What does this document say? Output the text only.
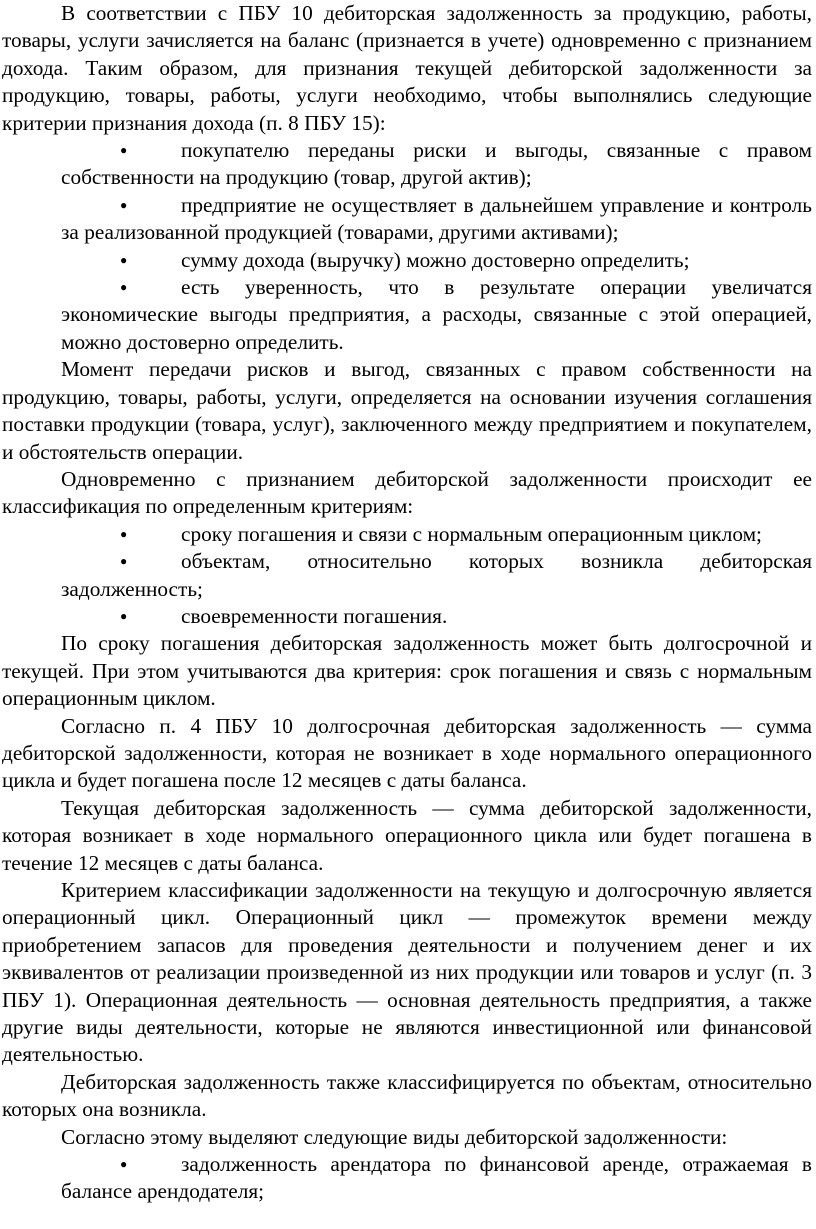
В соответствии с ПБУ 10 дебиторская задолженность за продукцию, работы, товары, услуги зачисляется на баланс (признается в учете) одновременно с признанием дохода. Таким образом, для признания текущей дебиторской задолженности за продукцию, товары, работы, услуги необходимо, чтобы выполнялись следующие критерии признания дохода (п. 8 ПБУ 15):

●	покупателю переданы риски и выгоды, связанные с правом собственности на продукцию (товар, другой актив);
●	предприятие не осуществляет в дальнейшем управление и контроль за реализованной продукцией (товарами, другими активами);
●	сумму дохода (выручку) можно достоверно определить;
●	есть уверенность, что в результате операции увеличатся экономические выгоды предприятия, а расходы, связанные с этой операцией, можно достоверно определить.

Момент передачи рисков и выгод, связанных с правом собственности на продукцию, товары, работы, услуги, определяется на основании изучения соглашения поставки продукции (товара, услуг), заключенного между предприятием и покупателем, и обстоятельств операции.

Одновременно с признанием дебиторской задолженности происходит ее классификация по определенным критериям:

●	сроку погашения и связи с нормальным операционным циклом;
●	объектам, относительно которых возникла дебиторская задолженность;
●	своевременности погашения.

По сроку погашения дебиторская задолженность может быть долгосрочной и текущей. При этом учитываются два критерия: срок погашения и связь с нормальным операционным циклом.

Согласно п. 4 ПБУ 10 долгосрочная дебиторская задолженность — сумма дебиторской задолженности, которая не возникает в ходе нормального операционного цикла и будет погашена после 12 месяцев с даты баланса.

Текущая дебиторская задолженность — сумма дебиторской задолженности, которая возникает в ходе нормального операционного цикла или будет погашена в течение 12 месяцев с даты баланса.

Критерием классификации задолженности на текущую и долгосрочную является операционный цикл. Операционный цикл — промежуток времени между приобретением запасов для проведения деятельности и получением денег и их эквивалентов от реализации произведенной из них продукции или товаров и услуг (п. 3 ПБУ 1). Операционная деятельность — основная деятельность предприятия, а также другие виды деятельности, которые не являются инвестиционной или финансовой деятельностью.

Дебиторская задолженность также классифицируется по объектам, относительно которых она возникла.

Согласно этому выделяют следующие виды дебиторской задолженности:

●	задолженность арендатора по финансовой аренде, отражаемая в балансе арендодателя;
